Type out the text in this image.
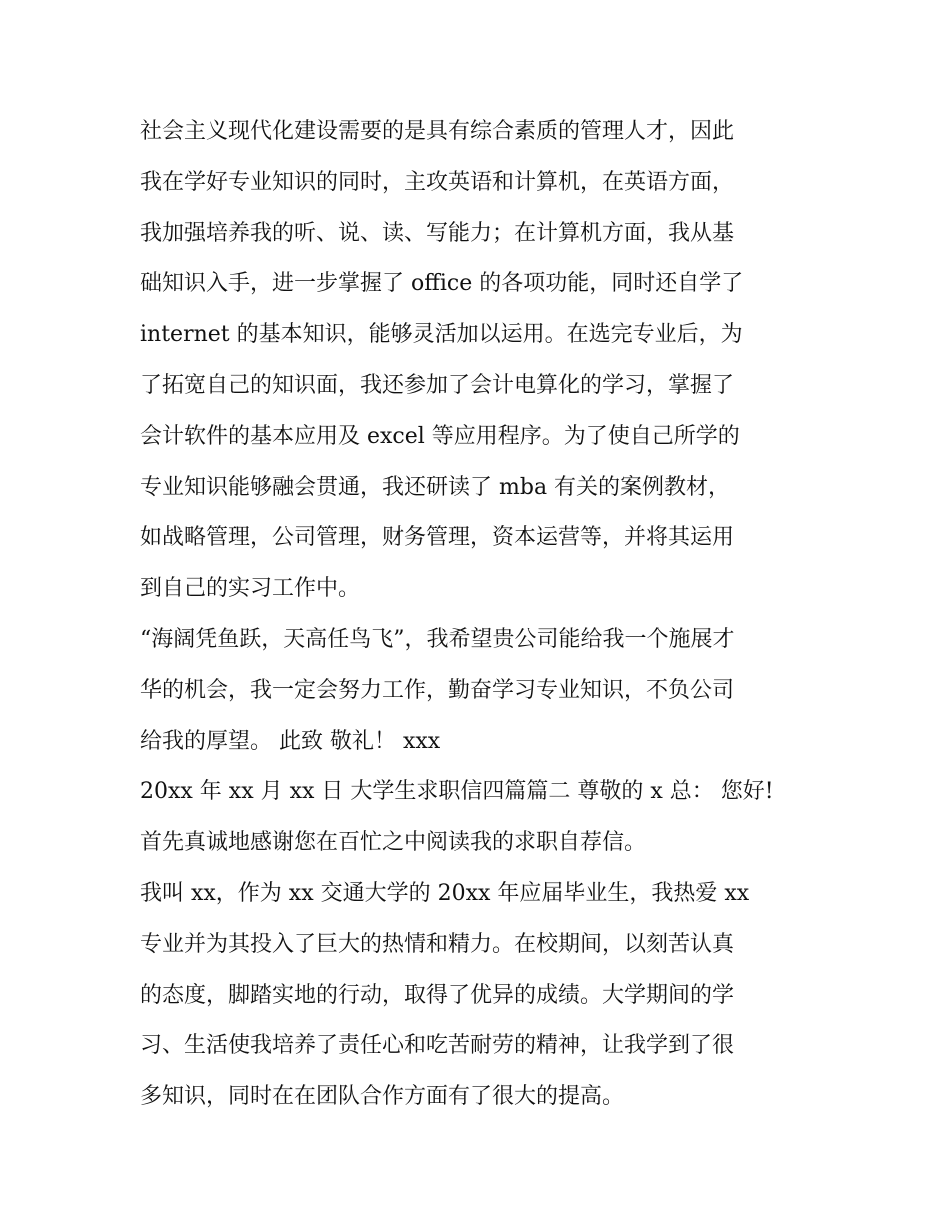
社会主义现代化建设需要的是具有综合素质的管理人才，因此
我在学好专业知识的同时，主攻英语和计算机，在英语方面，
我加强培养我的听、说、读、写能力；在计算机方面，我从基
础知识入手，进一步掌握了 office 的各项功能，同时还自学了
internet 的基本知识，能够灵活加以运用。在选完专业后，为
了拓宽自己的知识面，我还参加了会计电算化的学习，掌握了
会计软件的基本应用及 excel 等应用程序。为了使自己所学的
专业知识能够融会贯通，我还研读了 mba 有关的案例教材，
如战略管理，公司管理，财务管理，资本运营等，并将其运用
到自己的实习工作中。
“海阔凭鱼跃，天高任鸟飞”，我希望贵公司能给我一个施展才
华的机会，我一定会努力工作，勤奋学习专业知识，不负公司
给我的厚望。 此致 敬礼！ xxx
20xx 年 xx 月 xx 日 大学生求职信四篇篇二 尊敬的 x 总： 您好!
首先真诚地感谢您在百忙之中阅读我的求职自荐信。
我叫 xx，作为 xx 交通大学的 20xx 年应届毕业生，我热爱 xx
专业并为其投入了巨大的热情和精力。在校期间，以刻苦认真
的态度，脚踏实地的行动，取得了优异的成绩。大学期间的学
习、生活使我培养了责任心和吃苦耐劳的精神，让我学到了很
多知识，同时在在团队合作方面有了很大的提高。
